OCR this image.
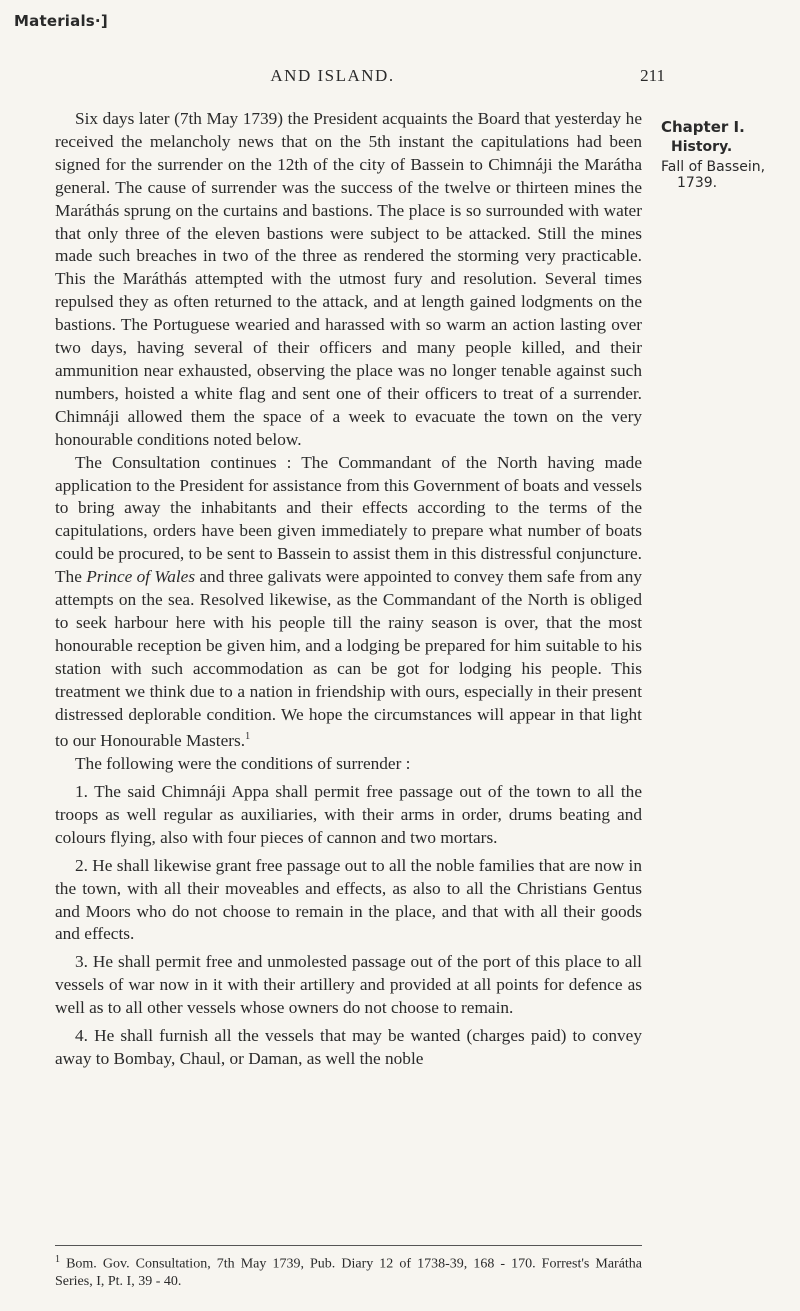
Materials·]
AND ISLAND.	211
Chapter I.
History.
Fall of Bassein,
1739.

Six days later (7th May 1739) the President acquaints the Board that yesterday he received the melancholy news that on the 5th instant the capitulations had been signed for the surrender on the 12th of the city of Bassein to Chimnáji the Marátha general. The cause of surrender was the success of the twelve or thirteen mines the Maráthás sprung on the curtains and bastions. The place is so surrounded with water that only three of the eleven bastions were subject to be attacked. Still the mines made such breaches in two of the three as rendered the storming very practicable. This the Maráthás attempted with the utmost fury and resolution. Several times repulsed they as often returned to the attack, and at length gained lodgments on the bastions. The Portuguese wearied and harassed with so warm an action lasting over two days, having several of their officers and many people killed, and their ammunition near exhausted, observing the place was no longer tenable against such numbers, hoisted a white flag and sent one of their officers to treat of a surrender. Chimnáji allowed them the space of a week to evacuate the town on the very honourable conditions noted below.

The Consultation continues : The Commandant of the North having made application to the President for assistance from this Government of boats and vessels to bring away the inhabitants and their effects according to the terms of the capitulations, orders have been given immediately to prepare what number of boats could be procured, to be sent to Bassein to assist them in this distressful conjuncture. The Prince of Wales and three galivats were appointed to convey them safe from any attempts on the sea. Resolved likewise, as the Commandant of the North is obliged to seek harbour here with his people till the rainy season is over, that the most honourable reception be given him, and a lodging be prepared for him suitable to his station with such accommodation as can be got for lodging his people. This treatment we think due to a nation in friendship with ours, especially in their present distressed deplorable condition. We hope the circumstances will appear in that light to our Honourable Masters.$^1$

The following were the conditions of surrender :

1. The said Chimnáji Appa shall permit free passage out of the town to all the troops as well regular as auxiliaries, with their arms in order, drums beating and colours flying, also with four pieces of cannon and two mortars.

2. He shall likewise grant free passage out to all the noble families that are now in the town, with all their moveables and effects, as also to all the Christians Gentus and Moors who do not choose to remain in the place, and that with all their goods and effects.

3. He shall permit free and unmolested passage out of the port of this place to all vessels of war now in it with their artillery and provided at all points for defence as well as to all other vessels whose owners do not choose to remain.

4. He shall furnish all the vessels that may be wanted (charges paid) to convey away to Bombay, Chaul, or Daman, as well the noble

$^1$ Bom. Gov. Consultation, 7th May 1739, Pub. Diary 12 of 1738-39, 168 - 170. Forrest's Marátha Series, I, Pt. I, 39 - 40.
